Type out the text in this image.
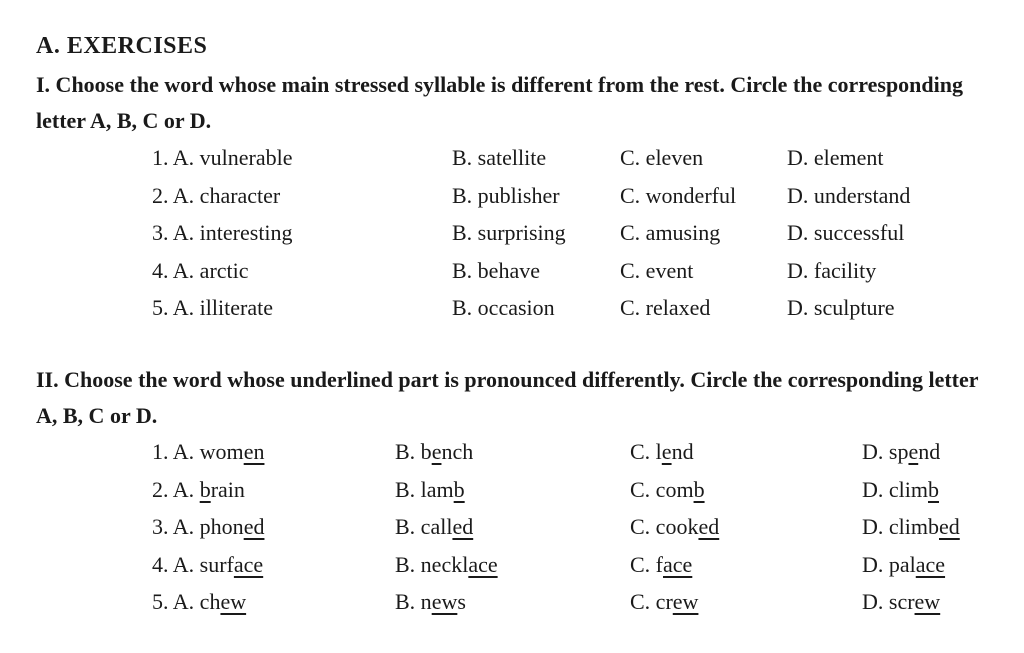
A. EXERCISES
I. Choose the word whose main stressed syllable is different from the rest. Circle the corresponding letter A, B, C or D.
1. A. vulnerable	B. satellite	C. eleven	D. element
2. A. character	B. publisher	C. wonderful D. understand
3. A. interesting	B. surprising C. amusing	D. successful
4. A. arctic	B. behave	C. event	D. facility
5. A. illiterate	B. occasion	C. relaxed	D. sculpture
II. Choose the word whose underlined part is pronounced differently. Circle the corresponding letter A, B, C or D.
1. A. women	B. bench	C. lend	D. spend
2. A. brain	B. lamb	C. comb	D. climb
3. A. phoned	B. called	C. cooked	D. climbed
4. A. surface	B. necklace	C. face	D. palace
5. A. chew	B. news	C. crew	D. screw
